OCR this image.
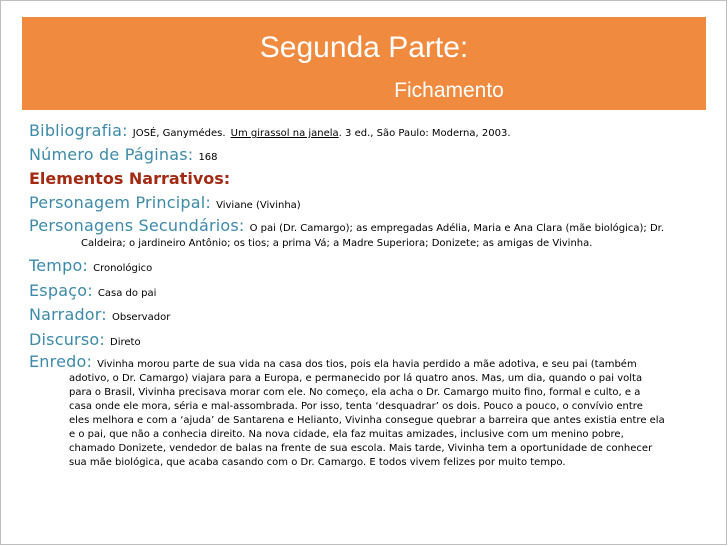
Segunda Parte:
Fichamento

Bibliografia: JOSÉ, Ganymédes. Um girassol na janela. 3 ed., São Paulo: Moderna, 2003.

Número de Páginas: 168

Elementos Narrativos:

Personagem Principal: Viviane (Vivinha)

Personagens Secundários: O pai (Dr. Camargo); as empregadas Adélia, Maria e Ana Clara (mãe biológica); Dr.

Caldeira; o jardineiro Antônio; os tios; a prima Vá; a Madre Superiora; Donizete; as amigas de Vivinha.

Tempo: Cronológico

Espaço: Casa do pai

Narrador: Observador

Discurso: Direto

Enredo: Vivinha morou parte de sua vida na casa dos tios, pois ela havia perdido a mãe adotiva, e seu pai (também

adotivo, o Dr. Camargo) viajara para a Europa, e permanecido por lá quatro anos. Mas, um dia, quando o pai volta
para o Brasil, Vivinha precisava morar com ele. No começo, ela acha o Dr. Camargo muito fino, formal e culto, e a
casa onde ele mora, séria e mal-assombrada. Por isso, tenta ‘desquadrar’ os dois. Pouco a pouco, o convívio entre
eles melhora e com a ‘ajuda’ de Santarena e Helianto, Vivinha consegue quebrar a barreira que antes existia entre ela
e o pai, que não a conhecia direito. Na nova cidade, ela faz muitas amizades, inclusive com um menino pobre,
chamado Donizete, vendedor de balas na frente de sua escola. Mais tarde, Vivinha tem a oportunidade de conhecer
sua mãe biológica, que acaba casando com o Dr. Camargo. E todos vivem felizes por muito tempo.
